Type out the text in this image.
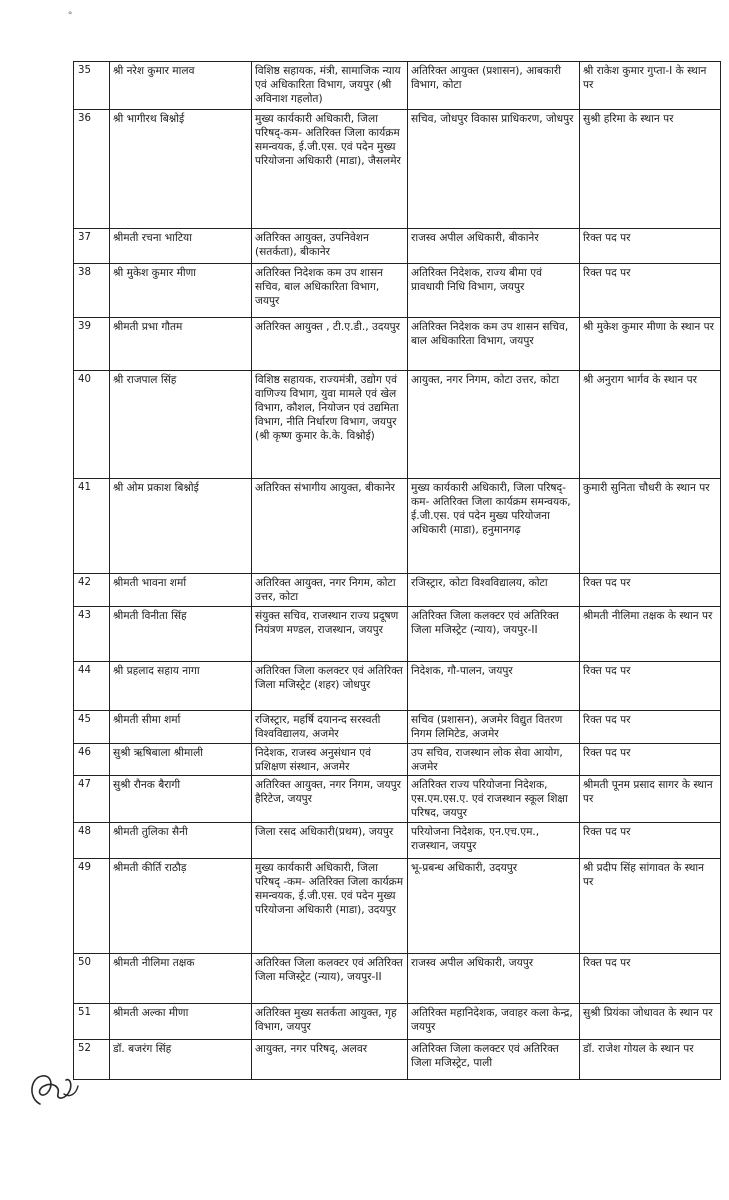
॰
35	श्री नरेश कुमार मालव	विशिष्ठ सहायक, मंत्री, सामाजिक न्याय एवं अधिकारिता विभाग, जयपुर (श्री अविनाश गहलोत)	अतिरिक्त आयुक्त (प्रशासन), आबकारी विभाग, कोटा	श्री राकेश कुमार गुप्ता-I के स्थान पर
36	श्री भागीरथ बिश्नोई	मुख्य कार्यकारी अधिकारी, जिला परिषद्-कम- अतिरिक्त जिला कार्यक्रम समन्वयक, ई.जी.एस. एवं पदेन मुख्य परियोजना अधिकारी (माडा), जैसलमेर	सचिव, जोधपुर विकास प्राधिकरण, जोधपुर	सुश्री हरिमा के स्थान पर
37	श्रीमती रचना भाटिया	अतिरिक्त आयुक्त, उपनिवेशन (सतर्कता), बीकानेर	राजस्व अपील अधिकारी, बीकानेर	रिक्त पद पर
38	श्री मुकेश कुमार मीणा	अतिरिक्त निदेशक कम उप शासन सचिव, बाल अधिकारिता विभाग, जयपुर	अतिरिक्त निदेशक, राज्य बीमा एवं प्रावधायी निधि विभाग, जयपुर	रिक्त पद पर
39	श्रीमती प्रभा गौतम	अतिरिक्त आयुक्त , टी.ए.डी., उदयपुर	अतिरिक्त निदेशक कम उप शासन सचिव, बाल अधिकारिता विभाग, जयपुर	श्री मुकेश कुमार मीणा के स्थान पर
40	श्री राजपाल सिंह	विशिष्ठ सहायक, राज्यमंत्री, उद्योग एवं वाणिज्य विभाग, युवा मामले एवं खेल विभाग, कौशल, नियोजन एवं उद्यमिता विभाग, नीति निर्धारण विभाग, जयपुर (श्री कृष्ण कुमार के.के. विश्नोई)	आयुक्त, नगर निगम, कोटा उत्तर, कोटा	श्री अनुराग भार्गव के स्थान पर
41	श्री ओम प्रकाश बिश्नोई	अतिरिक्त संभागीय आयुक्त, बीकानेर	मुख्य कार्यकारी अधिकारी, जिला परिषद्-कम- अतिरिक्त जिला कार्यक्रम समन्वयक, ई.जी.एस. एवं पदेन मुख्य परियोजना अधिकारी (माडा), हनुमानगढ़	कुमारी सुनिता चौधरी के स्थान पर
42	श्रीमती भावना शर्मा	अतिरिक्त आयुक्त, नगर निगम, कोटा उत्तर, कोटा	रजिस्ट्रार, कोटा विश्वविद्यालय, कोटा	रिक्त पद पर
43	श्रीमती विनीता सिंह	संयुक्त सचिव, राजस्थान राज्य प्रदूषण नियंत्रण मण्डल, राजस्थान, जयपुर	अतिरिक्त जिला कलक्टर एवं अतिरिक्त जिला मजिस्ट्रेट (न्याय), जयपुर-II	श्रीमती नीलिमा तक्षक के स्थान पर
44	श्री प्रहलाद सहाय नागा	अतिरिक्त जिला कलक्टर एवं अतिरिक्त जिला मजिस्ट्रेट (शहर) जोधपुर	निदेशक, गौ-पालन, जयपुर	रिक्त पद पर
45	श्रीमती सीमा शर्मा	रजिस्ट्रार, महर्षि दयानन्द सरस्वती विश्वविद्यालय, अजमेर	सचिव (प्रशासन), अजमेर विद्युत वितरण निगम लिमिटेड, अजमेर	रिक्त पद पर
46	सुश्री ऋषिबाला श्रीमाली	निदेशक, राजस्व अनुसंधान एवं प्रशिक्षण संस्थान, अजमेर	उप सचिव, राजस्थान लोक सेवा आयोग, अजमेर	रिक्त पद पर
47	सुश्री रौनक बैरागी	अतिरिक्त आयुक्त, नगर निगम, जयपुर हैरिटेज, जयपुर	अतिरिक्त राज्य परियोजना निदेशक, एस.एम.एस.ए. एवं राजस्थान स्कूल शिक्षा परिषद, जयपुर	श्रीमती पूनम प्रसाद सागर के स्थान पर
48	श्रीमती तुलिका सैनी	जिला रसद अधिकारी(प्रथम), जयपुर	परियोजना निदेशक, एन.एच.एम., राजस्थान, जयपुर	रिक्त पद पर
49	श्रीमती कीर्ति राठौड़	मुख्य कार्यकारी अधिकारी, जिला परिषद् -कम- अतिरिक्त जिला कार्यक्रम समन्वयक, ई.जी.एस. एवं पदेन मुख्य परियोजना अधिकारी (माडा), उदयपुर	भू-प्रबन्ध अधिकारी, उदयपुर	श्री प्रदीप सिंह सांगावत के स्थान पर
50	श्रीमती नीलिमा तक्षक	अतिरिक्त जिला कलक्टर एवं अतिरिक्त जिला मजिस्ट्रेट (न्याय), जयपुर-II	राजस्व अपील अधिकारी, जयपुर	रिक्त पद पर
51	श्रीमती अल्का मीणा	अतिरिक्त मुख्य सतर्कता आयुक्त, गृह विभाग, जयपुर	अतिरिक्त महानिदेशक, जवाहर कला केन्द्र, जयपुर	सुश्री प्रियंका जोधावत के स्थान पर
52	डॉ. बजरंग सिंह	आयुक्त, नगर परिषद्, अलवर	अतिरिक्त जिला कलक्टर एवं अतिरिक्त जिला मजिस्ट्रेट, पाली	डॉ. राजेश गोयल के स्थान पर
